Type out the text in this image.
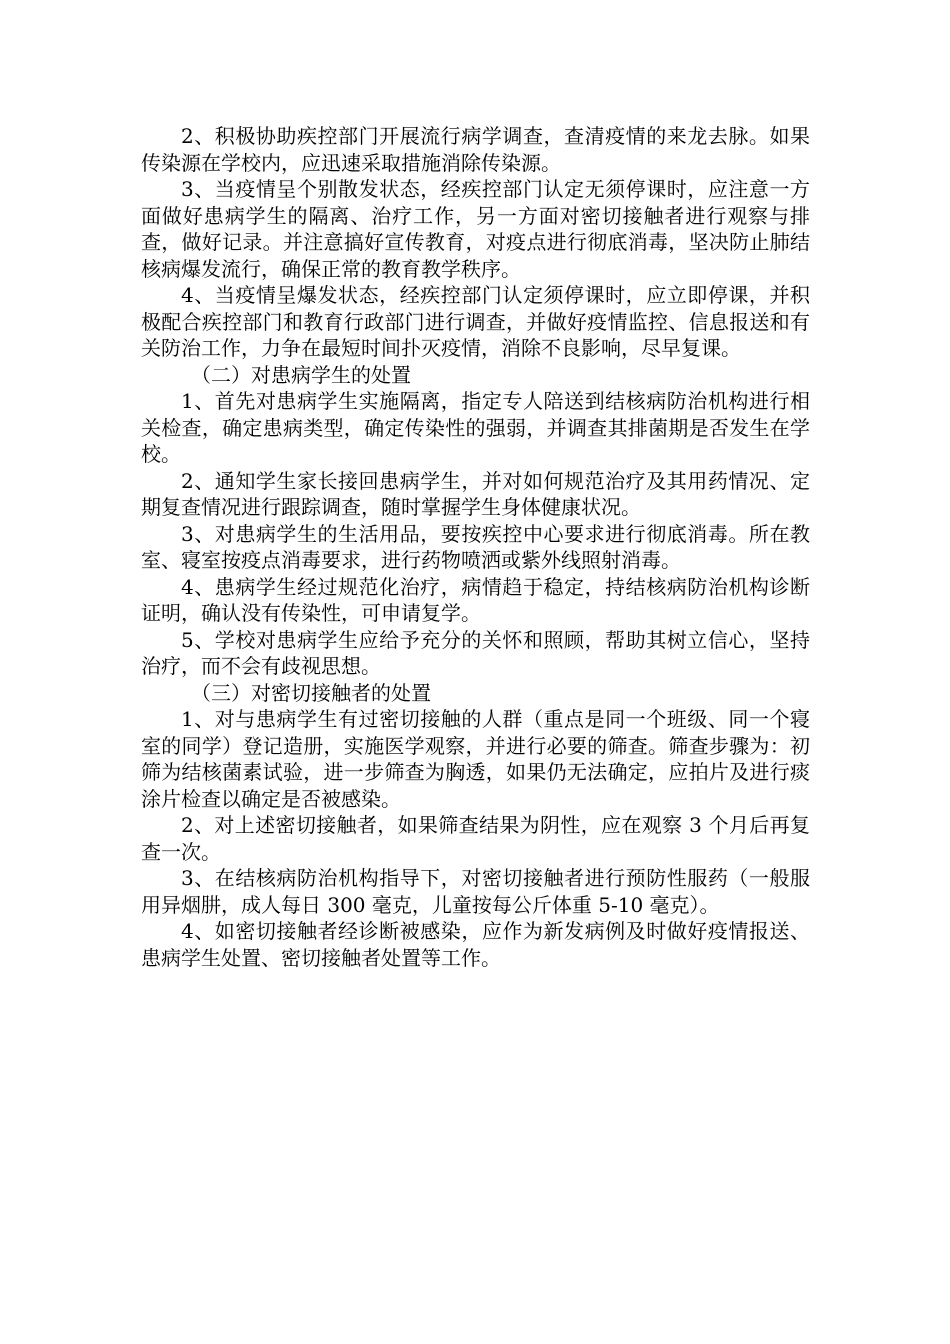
2、积极协助疾控部门开展流行病学调查，查清疫情的来龙去脉。如果传染源在学校内，应迅速采取措施消除传染源。

3、当疫情呈个别散发状态，经疾控部门认定无须停课时，应注意一方面做好患病学生的隔离、治疗工作，另一方面对密切接触者进行观察与排查，做好记录。并注意搞好宣传教育，对疫点进行彻底消毒，坚决防止肺结核病爆发流行，确保正常的教育教学秩序。

4、当疫情呈爆发状态，经疾控部门认定须停课时，应立即停课，并积极配合疾控部门和教育行政部门进行调查，并做好疫情监控、信息报送和有关防治工作，力争在最短时间扑灭疫情，消除不良影响，尽早复课。

（二）对患病学生的处置

1、首先对患病学生实施隔离，指定专人陪送到结核病防治机构进行相关检查，确定患病类型，确定传染性的强弱，并调查其排菌期是否发生在学校。

2、通知学生家长接回患病学生，并对如何规范治疗及其用药情况、定期复查情况进行跟踪调查，随时掌握学生身体健康状况。

3、对患病学生的生活用品，要按疾控中心要求进行彻底消毒。所在教室、寝室按疫点消毒要求，进行药物喷洒或紫外线照射消毒。

4、患病学生经过规范化治疗，病情趋于稳定，持结核病防治机构诊断证明，确认没有传染性，可申请复学。

5、学校对患病学生应给予充分的关怀和照顾，帮助其树立信心，坚持治疗，而不会有歧视思想。

（三）对密切接触者的处置

1、对与患病学生有过密切接触的人群（重点是同一个班级、同一个寝室的同学）登记造册，实施医学观察，并进行必要的筛查。筛查步骤为：初筛为结核菌素试验，进一步筛查为胸透，如果仍无法确定，应拍片及进行痰涂片检查以确定是否被感染。

2、对上述密切接触者，如果筛查结果为阴性，应在观察 3 个月后再复查一次。

3、在结核病防治机构指导下，对密切接触者进行预防性服药（一般服用异烟肼，成人每日 300 毫克，儿童按每公斤体重 5-10 毫克）。

4、如密切接触者经诊断被感染，应作为新发病例及时做好疫情报送、患病学生处置、密切接触者处置等工作。
